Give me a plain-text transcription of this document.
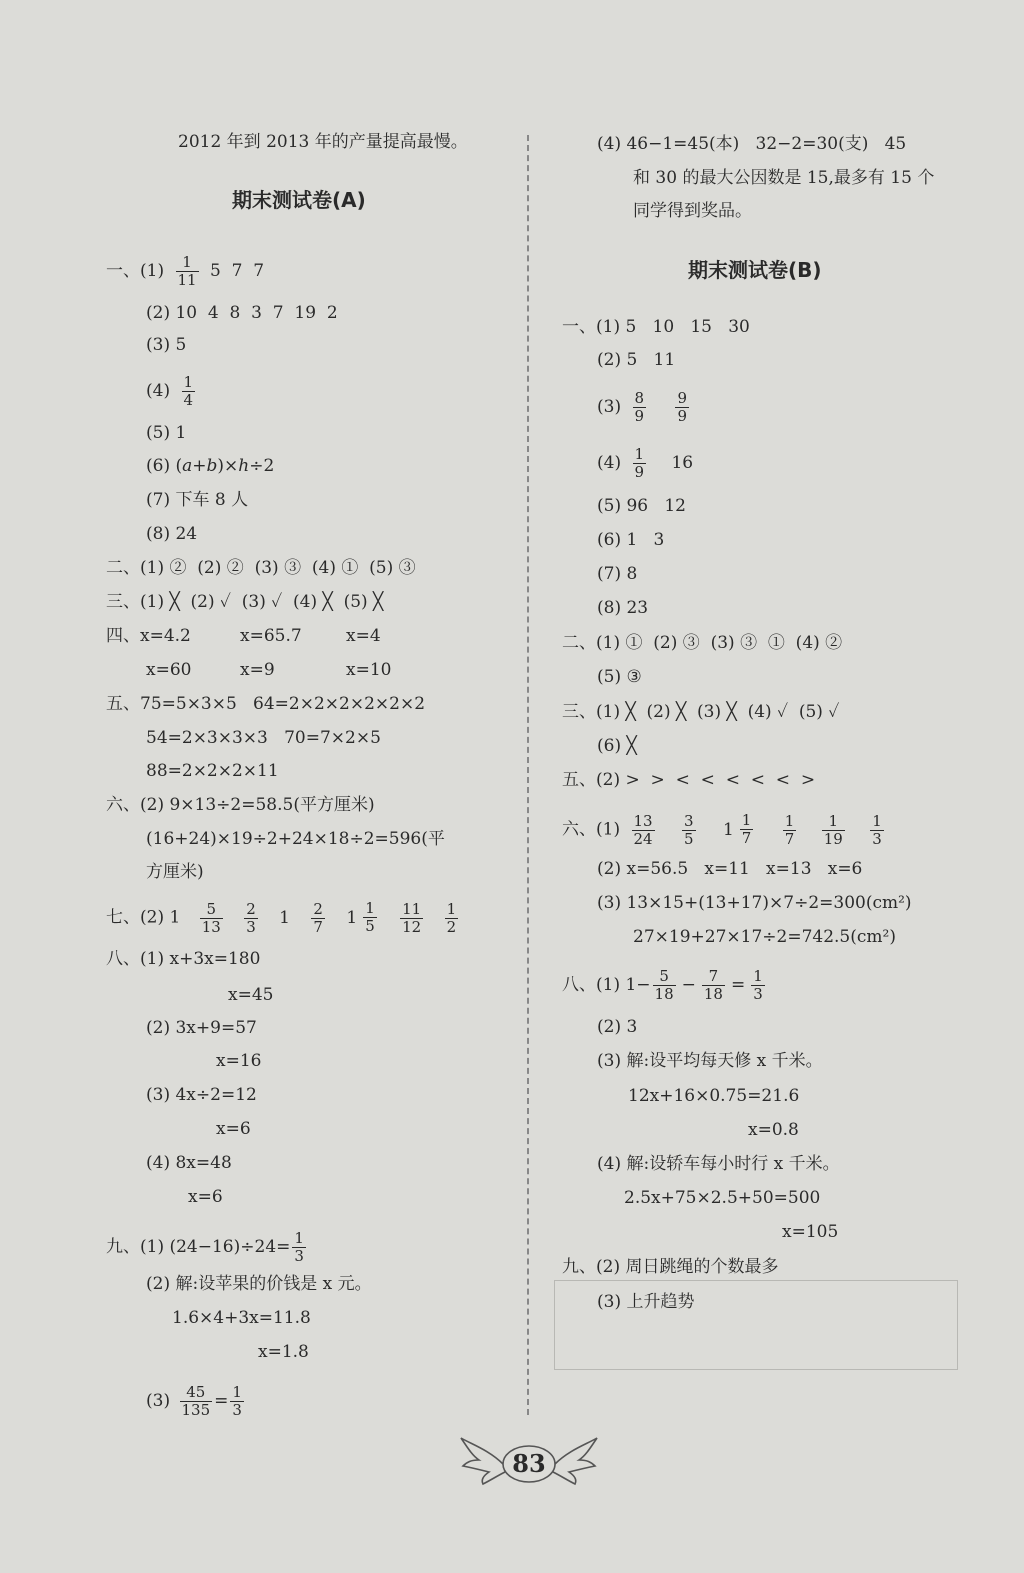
2012 年到 2013 年的产量提高最慢。
期末测试卷(A)
一、$(1) \frac{1}{11} 5$  7  7
(2) 10  4  8  3  7  19  2
(3) 5
$(4) \frac{1}{4}$
(5) 1
(6) (a+b)×h÷2
(7) 下车 8 人
(8) 24
二、(1) ②  (2) ②  (3) ③  (4) ①  (5) ③
三、(1) ╳  (2) ✓  (3) ✓  (4) ╳  (5) ╳
四、x=4.2	x=65.7	x=4
x=60	x=9	x=10
五、75=5×3×5   64=2×2×2×2×2×2
54=2×3×3×3   70=7×2×5
88=2×2×2×11
六、(2) 9×13÷2=58.5(平方厘米)
(16+24)×19÷2+24×18÷2=596(平
方厘米)
七、(2) $1 \frac{5}{13}$
$\frac{2}{3} 1 \frac{2}{7}$
$1 \frac{1}{5}$
$\frac{11}{12}$
$\frac{1}{2}$
八、(1) x+3x=180
x=45
(2) 3x+9=57
x=16
(3) 4x÷2=12
x=6
(4) 8x=48
x=6
九、(1) $(24-16)\div 24= \frac{1}{3}$
(2) 解:设苹果的价钱是 x 元。
1.6×4+3x=11.8
x=1.8
$(3) \frac{45}{135} = \frac{1}{3}$
(4) 46−1=45(本)   32−2=30(支)   45
和 30 的最大公因数是 15,最多有 15 个
同学得到奖品。
期末测试卷(B)
一、(1) 5   10   15   30
(2) 5   11
$(3) \frac{8}{9}$
$\frac{9}{9}$
$(4) \frac{1}{9} 16$
(5) 96   12
(6) 1   3
(7) 8
(8) 23
二、(1) ①  (2) ③  (3) ③  ①  (4) ②
(5) ③
三、(1) ╳  (2) ╳  (3) ╳  (4) ✓  (5) ✓
(6) ╳
五、(2) >  >  <  <  <  <  <  >
六、$(1) \frac{13}{24}$
$\frac{3}{5}$
$1 \frac{1}{7}$
$\frac{1}{7}$
$\frac{1}{19}$
$\frac{1}{3}$
(2) x=56.5   x=11   x=13   x=6
(3) 13×15+(13+17)×7÷2=300(cm²)
27×19+27×17÷2=742.5(cm²)
八、(1) $1- \frac{5}{18} - \frac{7}{18} = \frac{1}{3}$
(2) 3
(3) 解:设平均每天修 x 千米。
12x+16×0.75=21.6
x=0.8
(4) 解:设轿车每小时行 x 千米。
2.5x+75×2.5+50=500
x=105
九、(2) 周日跳绳的个数最多
(3) 上升趋势
83
